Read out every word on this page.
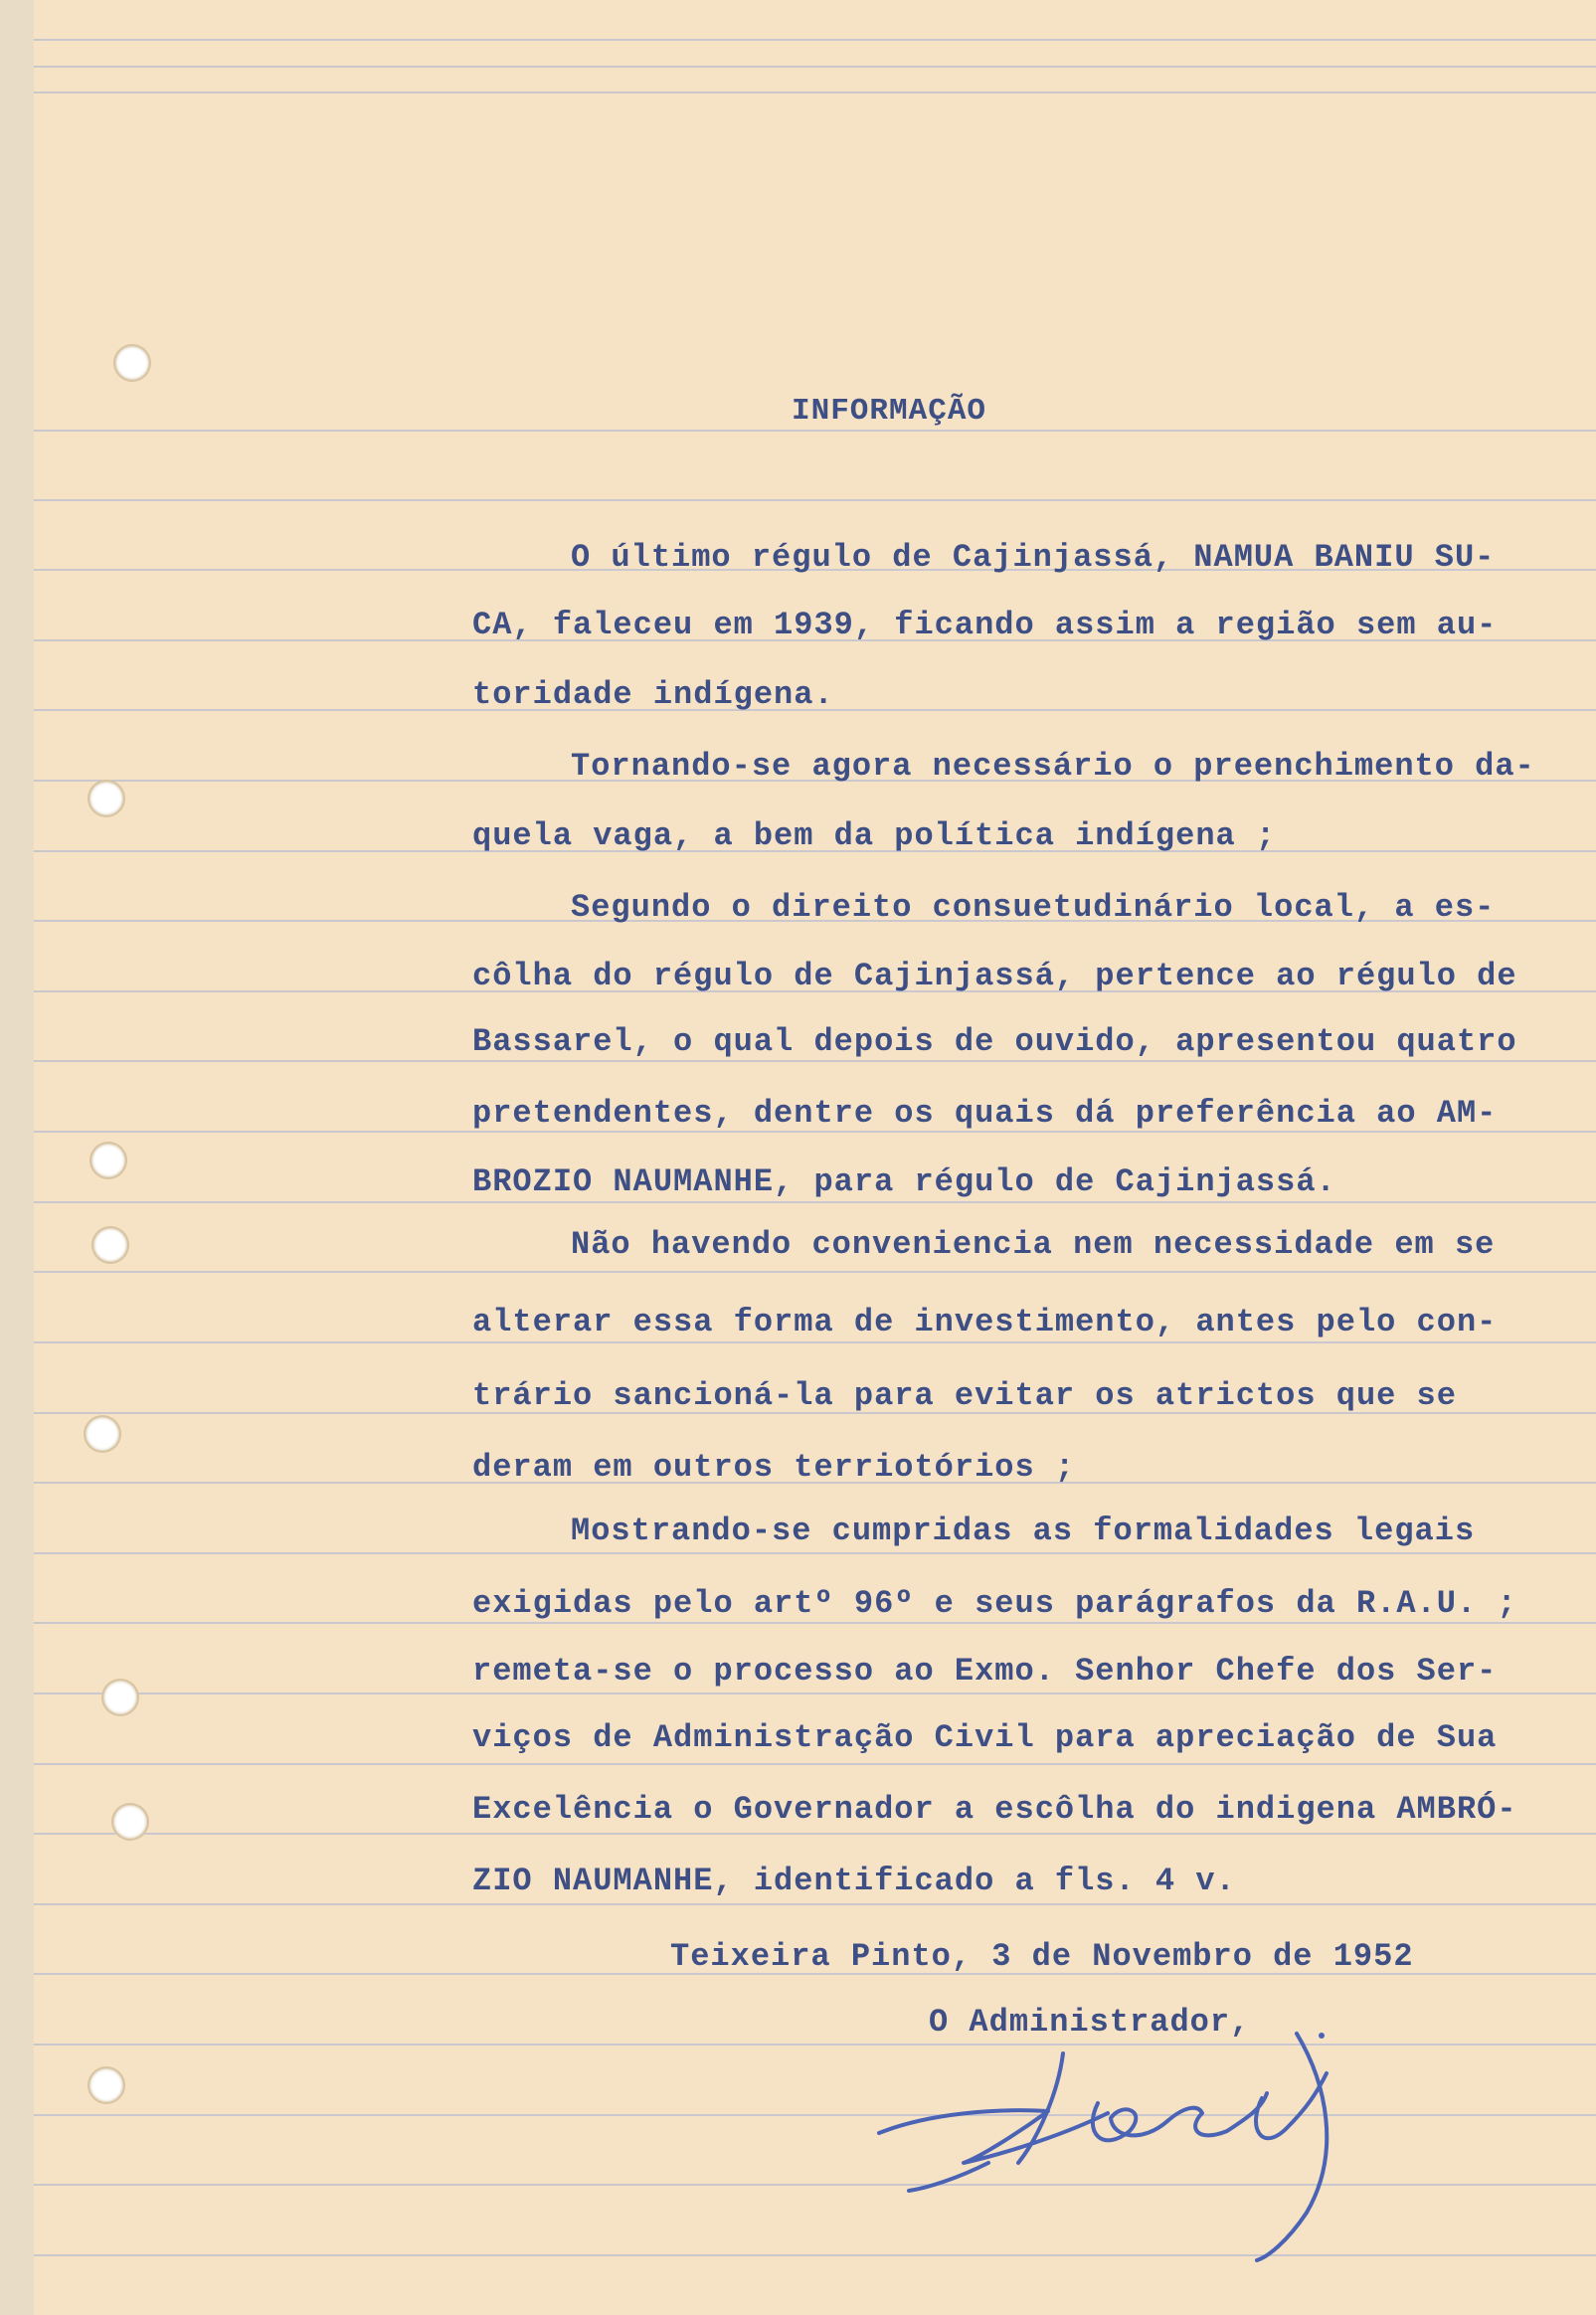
INFORMAÇÃO
O último régulo de Cajinjassá, NAMUA BANIU SU-
CA, faleceu em 1939, ficando assim a região sem au-
toridade indígena.
Tornando-se agora necessário o preenchimento da-
quela vaga, a bem da política indígena ;
Segundo o direito consuetudinário local, a es-
côlha do régulo de Cajinjassá, pertence ao régulo de
Bassarel, o qual depois de ouvido, apresentou quatro
pretendentes, dentre os quais dá preferência ao AM-
BROZIO NAUMANHE, para régulo de Cajinjassá.
Não havendo conveniencia nem necessidade em se
alterar essa forma de investimento, antes pelo con-
trário sancioná-la para evitar os atrictos que se
deram em outros terriotórios ;
Mostrando-se cumpridas as formalidades legais
exigidas pelo artº 96º e seus parágrafos da R.A.U. ;
remeta-se o processo ao Exmo. Senhor Chefe dos Ser-
viços de Administração Civil para apreciação de Sua
Excelência o Governador a escôlha do indigena AMBRÓ-
ZIO NAUMANHE, identificado a fls. 4 v.
Teixeira Pinto, 3 de Novembro de 1952
O Administrador,
